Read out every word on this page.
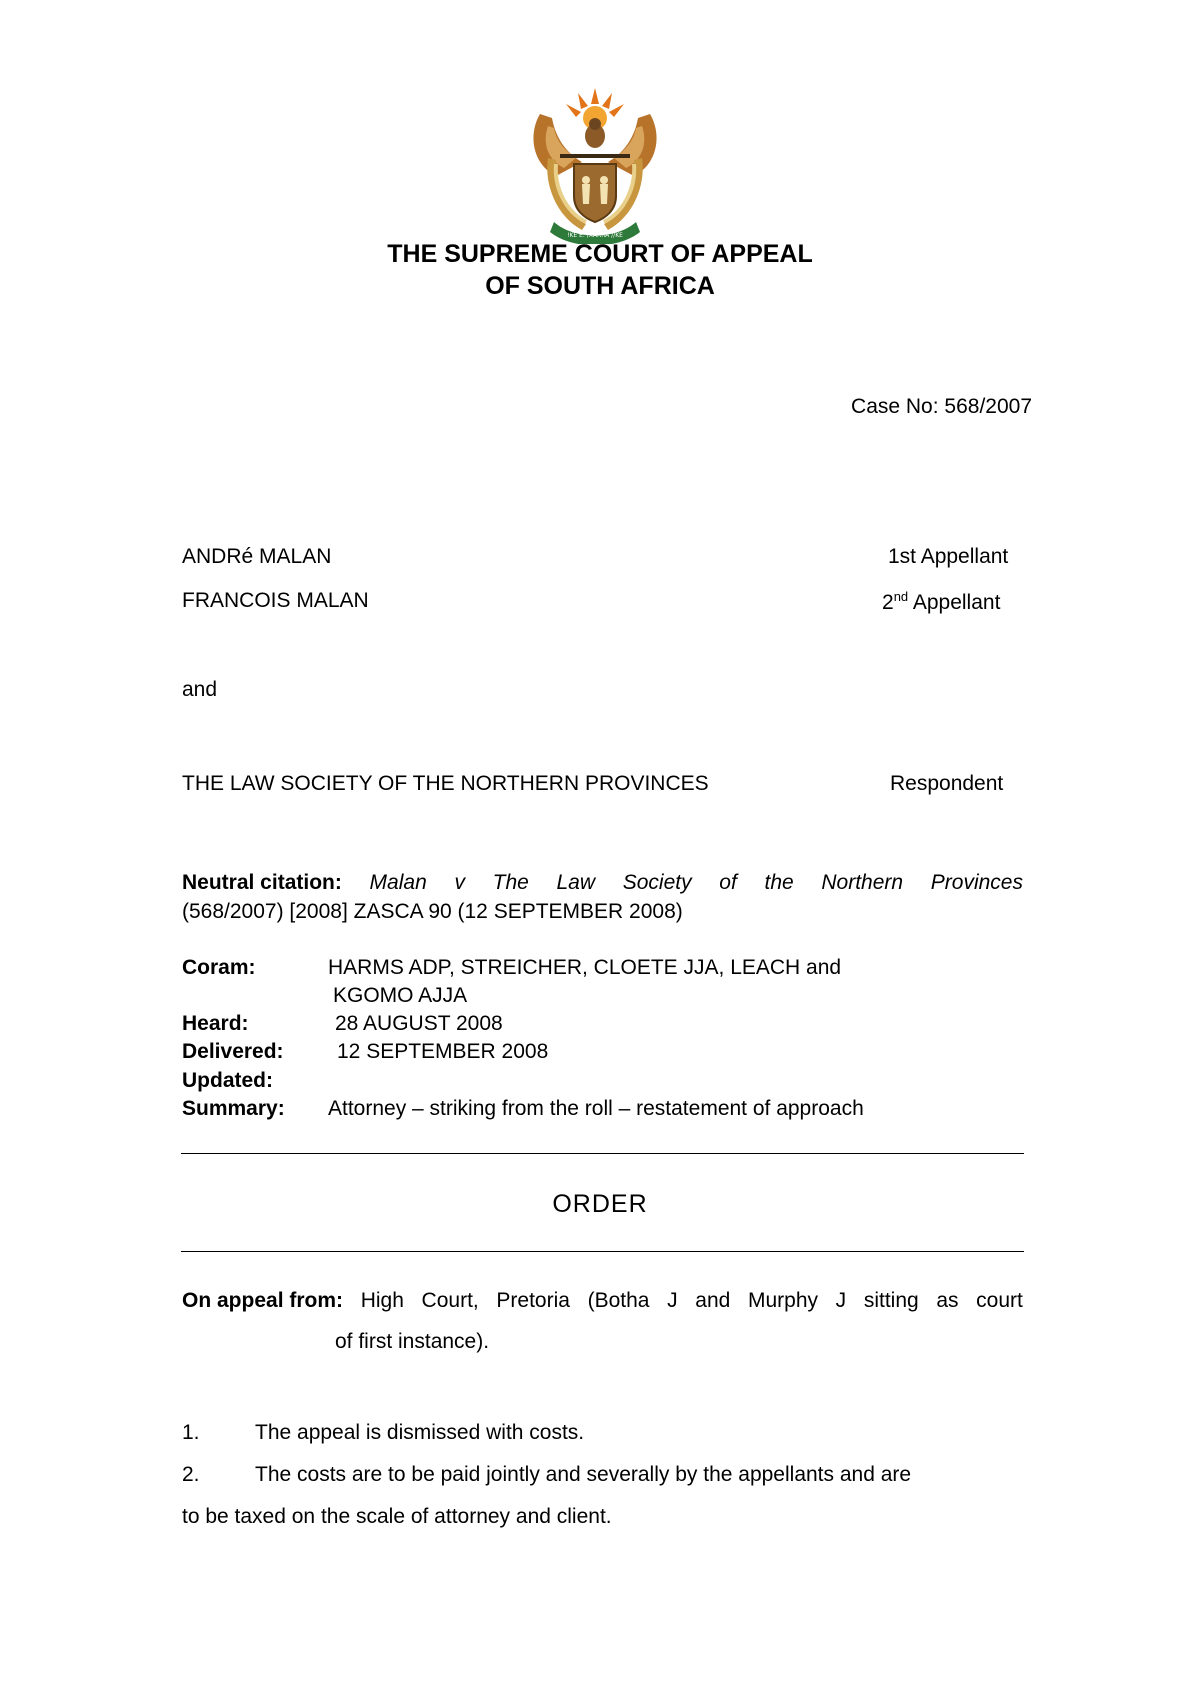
!KE E: /XARRA //KE
THE SUPREME COURT OF APPEAL
OF SOUTH AFRICA
Case No: 568/2007
ANDRé MALAN	1st Appellant
FRANCOIS MALAN	2nd Appellant
and
THE LAW SOCIETY OF THE NORTHERN PROVINCES	Respondent
Neutral citation: Malan v The Law Society of the Northern Provinces
(568/2007) [2008] ZASCA 90 (12 SEPTEMBER 2008)
Coram:	HARMS ADP, STREICHER, CLOETE JJA, LEACH and
KGOMO AJJA
Heard:	28 AUGUST 2008
Delivered:	12 SEPTEMBER 2008
Updated:
Summary: Attorney – striking from the roll – restatement of approach
ORDER
On appeal from: High Court, Pretoria (Botha J and Murphy J sitting as court
of first instance).
1.	The appeal is dismissed with costs.
2.	The costs are to be paid jointly and severally by the appellants and are
to be taxed on the scale of attorney and client.
